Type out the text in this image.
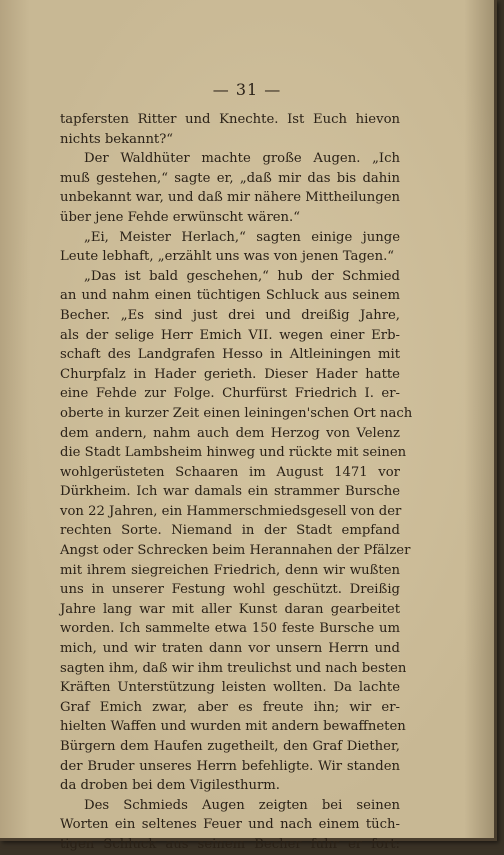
— 31 —
tapfersten Ritter und Knechte. Ist Euch hievon
nichts bekannt?“
Der Waldhüter machte große Augen. „Ich
muß gestehen,“ sagte er, „daß mir das bis dahin
unbekannt war, und daß mir nähere Mittheilungen
über jene Fehde erwünscht wären.“
„Ei, Meister Herlach,“ sagten einige junge
Leute lebhaft, „erzählt uns was von jenen Tagen.“
„Das ist bald geschehen,“ hub der Schmied
an und nahm einen tüchtigen Schluck aus seinem
Becher. „Es sind just drei und dreißig Jahre,
als der selige Herr Emich VII. wegen einer Erb-
schaft des Landgrafen Hesso in Altleiningen mit
Churpfalz in Hader gerieth. Dieser Hader hatte
eine Fehde zur Folge. Churfürst Friedrich I. er-
oberte in kurzer Zeit einen leiningen'schen Ort nach
dem andern, nahm auch dem Herzog von Velenz
die Stadt Lambsheim hinweg und rückte mit seinen
wohlgerüsteten Schaaren im August 1471 vor
Dürkheim. Ich war damals ein strammer Bursche
von 22 Jahren, ein Hammerschmiedsgesell von der
rechten Sorte. Niemand in der Stadt empfand
Angst oder Schrecken beim Herannahen der Pfälzer
mit ihrem siegreichen Friedrich, denn wir wußten
uns in unserer Festung wohl geschützt. Dreißig
Jahre lang war mit aller Kunst daran gearbeitet
worden. Ich sammelte etwa 150 feste Bursche um
mich, und wir traten dann vor unsern Herrn und
sagten ihm, daß wir ihm treulichst und nach besten
Kräften Unterstützung leisten wollten. Da lachte
Graf Emich zwar, aber es freute ihn; wir er-
hielten Waffen und wurden mit andern bewaffneten
Bürgern dem Haufen zugetheilt, den Graf Diether,
der Bruder unseres Herrn befehligte. Wir standen
da droben bei dem Vigilesthurm.
Des Schmieds Augen zeigten bei seinen
Worten ein seltenes Feuer und nach einem tüch-
tigen Schluck aus seinem Becher fuhr er fort:
